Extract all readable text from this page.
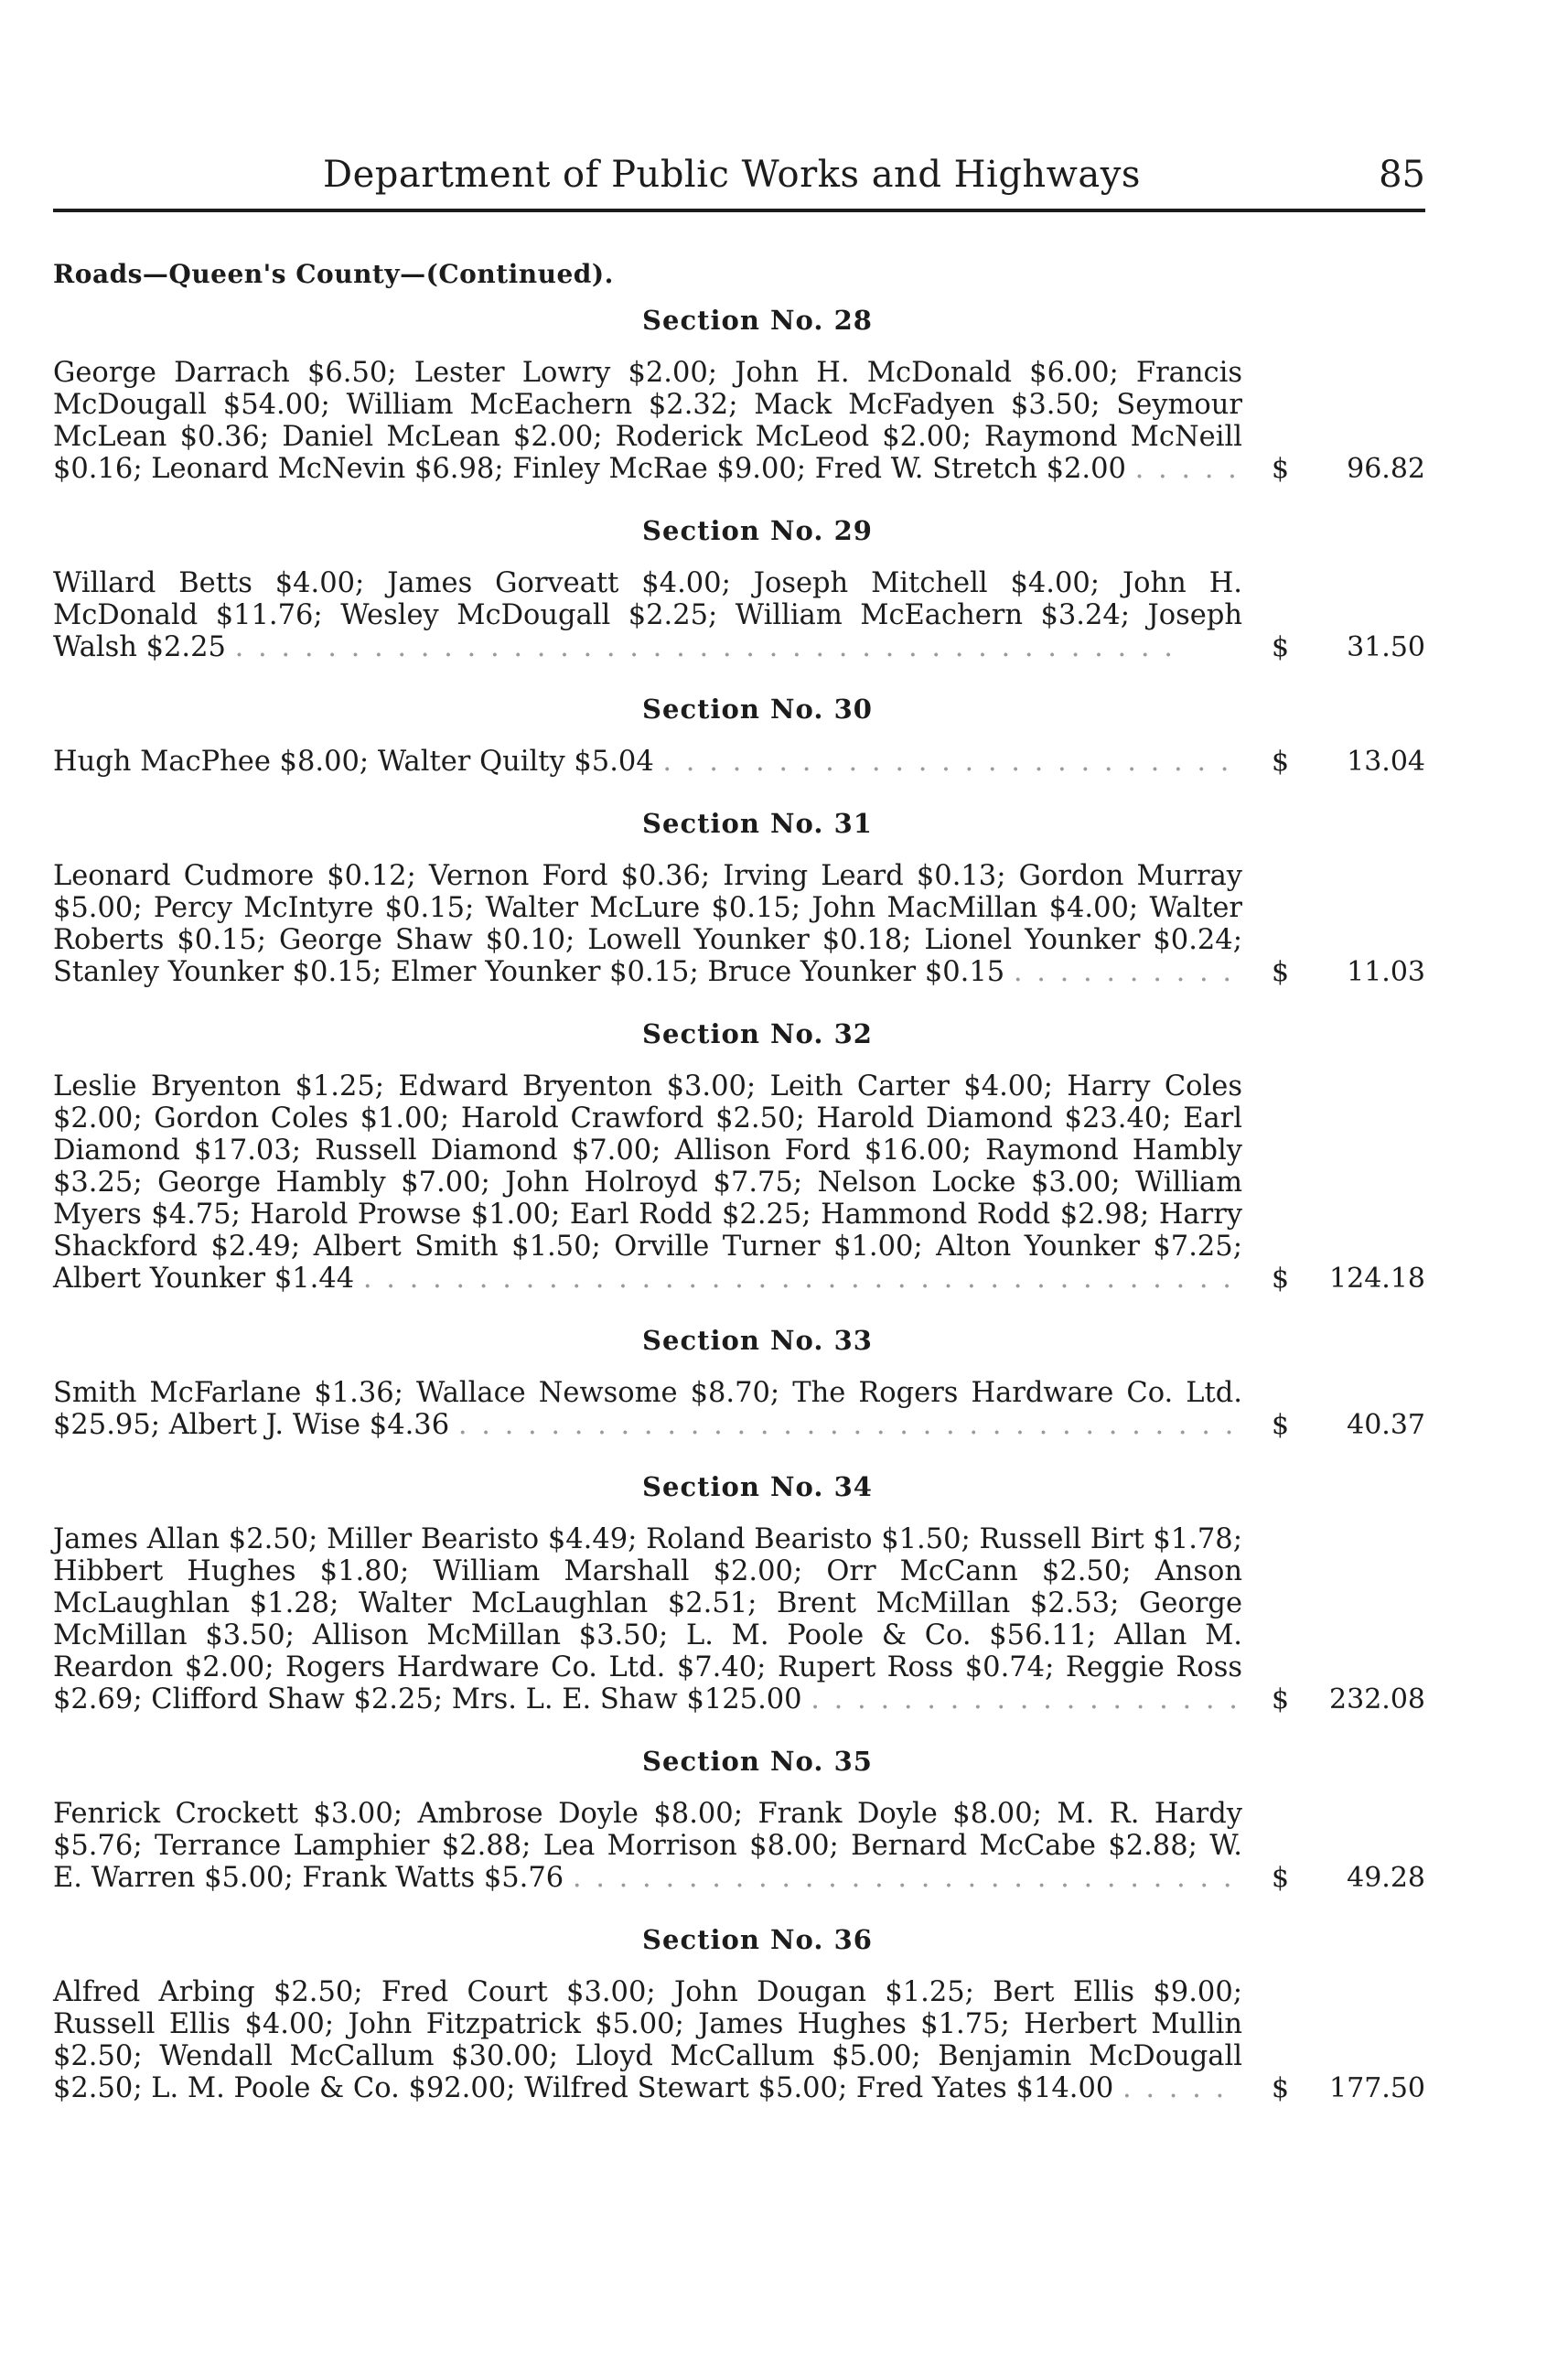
Department of Public Works and Highways	85
Roads—Queen's County—(Continued).
Section No. 28
George Darrach $6.50; Lester Lowry $2.00; John H. McDonald $6.00; Francis McDougall $54.00; William McEachern $2.32; Mack McFadyen $3.50; Seymour McLean $0.36; Daniel McLean $2.00; Roderick McLeod $2.00; Raymond McNeill $0.16; Leonard McNevin $6.98; Finley McRae $9.00; Fred W. Stretch $2.00 . . . . . $ 96.82
Section No. 29
Willard Betts $4.00; James Gorveatt $4.00; Joseph Mitchell $4.00; John H. McDonald $11.76; Wesley McDougall $2.25; William McEachern $3.24; Joseph Walsh $2.25 . . . . . . . . . . . . . . . . . . . . . . . . . . . . . . . . . . . . . . . . .	$ 31.50
Section No. 30
Hugh MacPhee $8.00; Walter Quilty $5.04 . . . . . . . . . . . . . . . . . . . . . . . . .	$ 13.04
Section No. 31
Leonard Cudmore $0.12; Vernon Ford $0.36; Irving Leard $0.13; Gordon Murray $5.00; Percy McIntyre $0.15; Walter McLure $0.15; John MacMillan $4.00; Walter Roberts $0.15; George Shaw $0.10; Lowell Younker $0.18; Lionel Younker $0.24; Stanley Younker $0.15; Elmer Younker $0.15; Bruce Younker $0.15 . . . . . . . . . . $ 11.03
Section No. 32
Leslie Bryenton $1.25; Edward Bryenton $3.00; Leith Carter $4.00; Harry Coles $2.00; Gordon Coles $1.00; Harold Crawford $2.50; Harold Diamond $23.40; Earl Diamond $17.03; Russell Diamond $7.00; Allison Ford $16.00; Raymond Hambly $3.25; George Hambly $7.00; John Holroyd $7.75; Nelson Locke $3.00; William Myers $4.75; Harold Prowse $1.00; Earl Rodd $2.25; Hammond Rodd $2.98; Harry Shackford $2.49; Albert Smith $1.50; Orville Turner $1.00; Alton Younker $7.25; Albert Younker $1.44 . . . . . . . . . . . . . . . . . . . . . . . . . . . . . . . . . . . . . .	$ 124.18
Section No. 33
Smith McFarlane $1.36; Wallace Newsome $8.70; The Rogers Hardware Co. Ltd. $25.95; Albert J. Wise $4.36 . . . . . . . . . . . . . . . . . . . . . . . . . . . . . . . . . . $ 40.37
Section No. 34
James Allan $2.50; Miller Bearisto $4.49; Roland Bearisto $1.50; Russell Birt $1.78; Hibbert Hughes $1.80; William Marshall $2.00; Orr McCann $2.50; Anson McLaughlan $1.28; Walter McLaughlan $2.51; Brent McMillan $2.53; George McMillan $3.50; Allison McMillan $3.50; L. M. Poole & Co. $56.11; Allan M. Reardon $2.00; Rogers Hardware Co. Ltd. $7.40; Rupert Ross $0.74; Reggie Ross $2.69; Clifford Shaw $2.25; Mrs. L. E. Shaw $125.00 . . . . . . . . . . . . . . . . . . . $ 232.08
Section No. 35
Fenrick Crockett $3.00; Ambrose Doyle $8.00; Frank Doyle $8.00; M. R. Hardy $5.76; Terrance Lamphier $2.88; Lea Morrison $8.00; Bernard McCabe $2.88; W. E. Warren $5.00; Frank Watts $5.76 . . . . . . . . . . . . . . . . . . . . . . . . . . . . . $ 49.28
Section No. 36
Alfred Arbing $2.50; Fred Court $3.00; John Dougan $1.25; Bert Ellis $9.00; Russell Ellis $4.00; John Fitzpatrick $5.00; James Hughes $1.75; Herbert Mullin $2.50; Wendall McCallum $30.00; Lloyd McCallum $5.00; Benjamin McDougall $2.50; L. M. Poole & Co. $92.00; Wilfred Stewart $5.00; Fred Yates $14.00 . . . . .	$ 177.50
